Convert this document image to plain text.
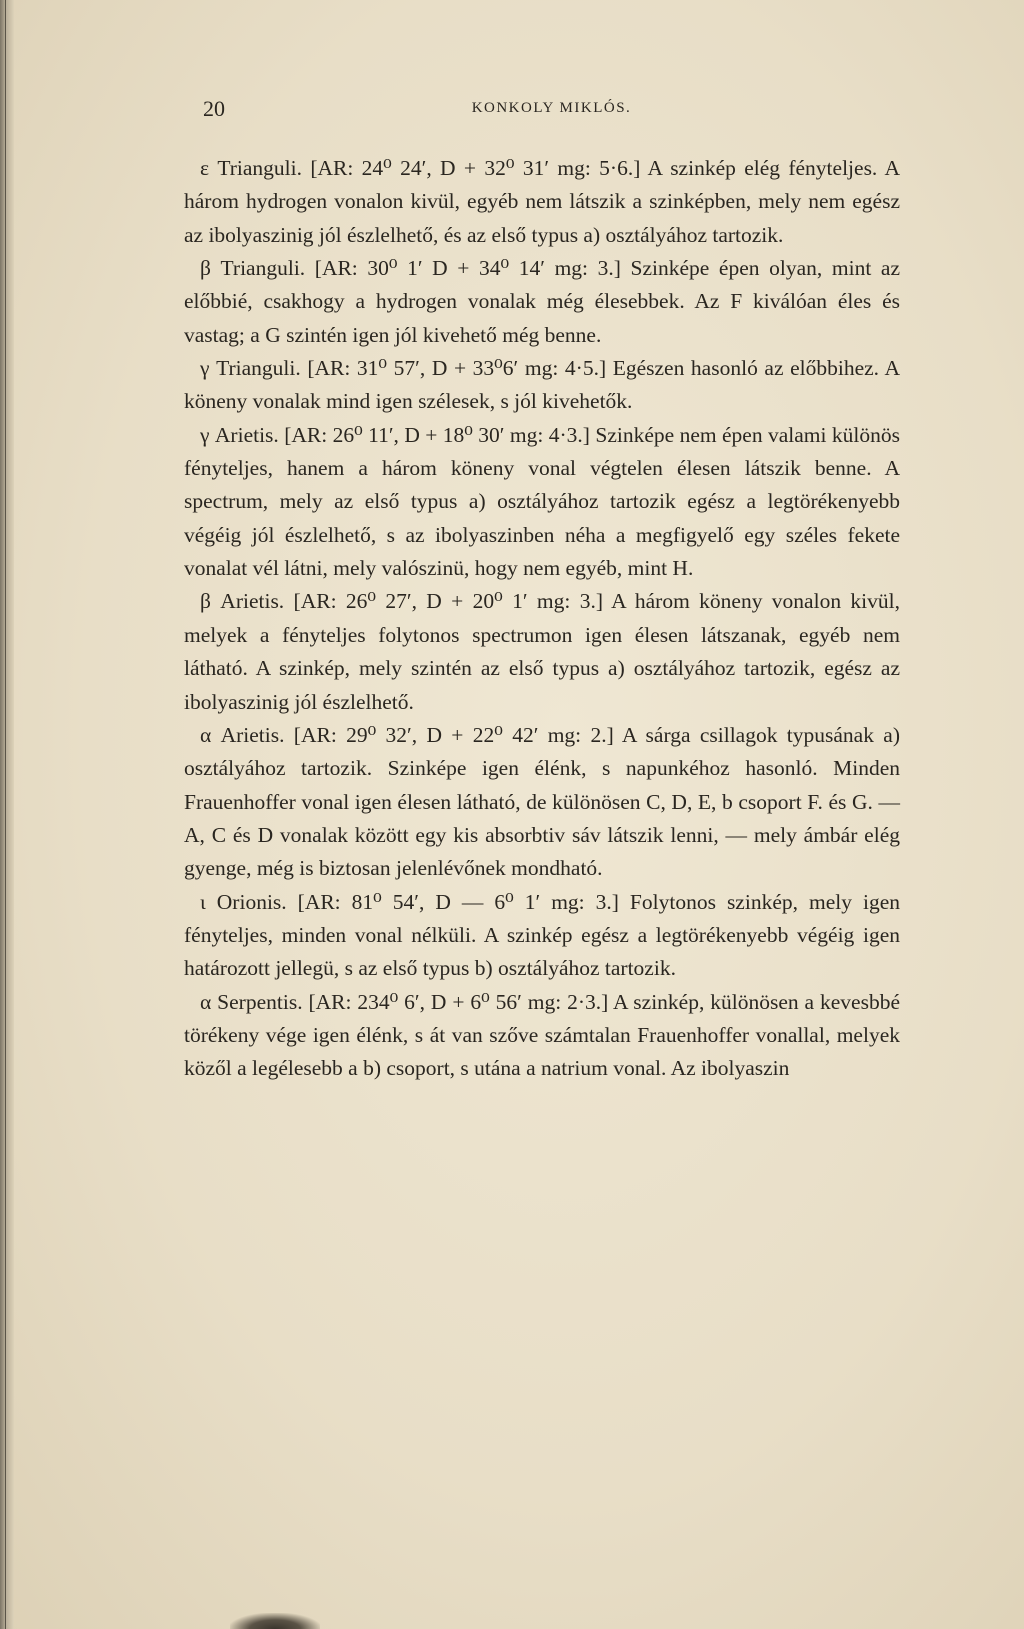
20	KONKOLY MIKLÓS.

ε Trianguli. [AR: 24⁰ 24′, D + 32⁰ 31′ mg: 5·6.] A szinkép elég fényteljes. A három hydrogen vonalon kivül, egyéb nem látszik a szinképben, mely nem egész az ibolyaszinig jól észlelhető, és az első typus a) osztályához tartozik.

β Trianguli. [AR: 30⁰ 1′ D + 34⁰ 14′ mg: 3.] Szinképe épen olyan, mint az előbbié, csakhogy a hydrogen vonalak még élesebbek. Az F kiválóan éles és vastag; a G szintén igen jól kivehető még benne.

γ Trianguli. [AR: 31⁰ 57′, D + 33⁰6′ mg: 4·5.] Egészen hasonló az előbbihez. A köneny vonalak mind igen szélesek, s jól kivehetők.

γ Arietis. [AR: 26⁰ 11′, D + 18⁰ 30′ mg: 4·3.] Szinképe nem épen valami különös fényteljes, hanem a három köneny vonal végtelen élesen látszik benne. A spectrum, mely az első typus a) osztályához tartozik egész a legtörékenyebb végéig jól észlelhető, s az ibolyaszinben néha a megfigyelő egy széles fekete vonalat vél látni, mely valószinü, hogy nem egyéb, mint H.

β Arietis. [AR: 26⁰ 27′, D + 20⁰ 1′ mg: 3.] A három köneny vonalon kivül, melyek a fényteljes folytonos spectrumon igen élesen látszanak, egyéb nem látható. A szinkép, mely szintén az első typus a) osztályához tartozik, egész az ibolyaszinig jól észlelhető.

α Arietis. [AR: 29⁰ 32′, D + 22⁰ 42′ mg: 2.] A sárga csillagok typusának a) osztályához tartozik. Szinképe igen élénk, s napunkéhoz hasonló. Minden Frauenhoffer vonal igen élesen látható, de különösen C, D, E, b csoport F. és G. — A, C és D vonalak között egy kis absorbtiv sáv látszik lenni, — mely ámbár elég gyenge, még is biztosan jelenlévőnek mondható.

ι Orionis. [AR: 81⁰ 54′, D — 6⁰ 1′ mg: 3.] Folytonos szinkép, mely igen fényteljes, minden vonal nélküli. A szinkép egész a legtörékenyebb végéig igen határozott jellegü, s az első typus b) osztályához tartozik.

α Serpentis. [AR: 234⁰ 6′, D + 6⁰ 56′ mg: 2·3.] A szinkép, különösen a kevesbbé törékeny vége igen élénk, s át van szőve számtalan Frauenhoffer vonallal, melyek közől a legélesebb a b) csoport, s utána a natrium vonal. Az ibolyaszin
